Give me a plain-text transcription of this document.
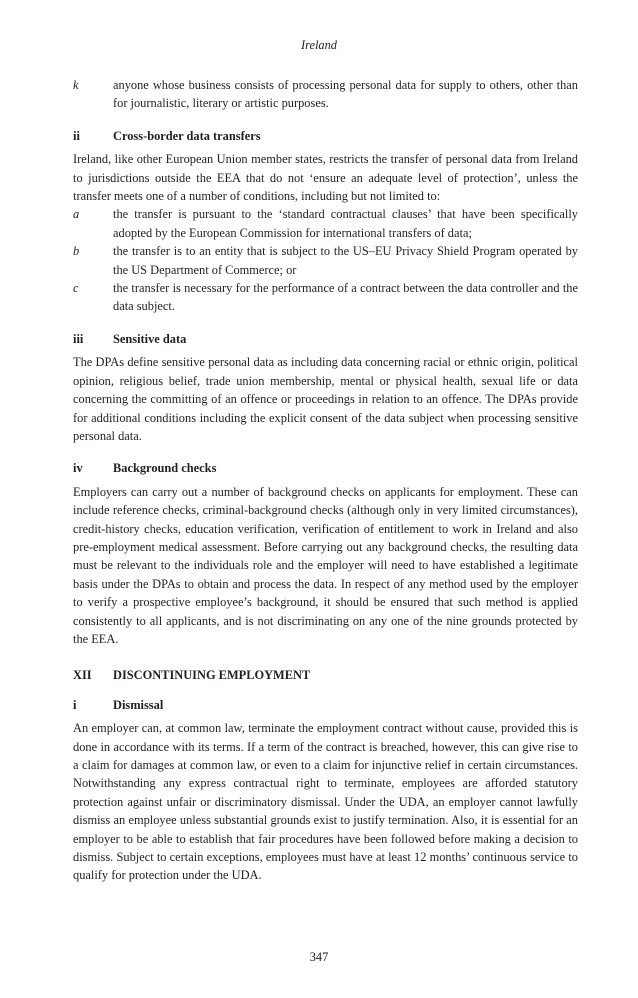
Ireland
k	anyone whose business consists of processing personal data for supply to others, other than for journalistic, literary or artistic purposes.
ii	Cross-border data transfers

Ireland, like other European Union member states, restricts the transfer of personal data from Ireland to jurisdictions outside the EEA that do not ‘ensure an adequate level of protection’, unless the transfer meets one of a number of conditions, including but not limited to:

a	the transfer is pursuant to the ‘standard contractual clauses’ that have been specifically adopted by the European Commission for international transfers of data;
b	the transfer is to an entity that is subject to the US–EU Privacy Shield Program operated by the US Department of Commerce; or
c	the transfer is necessary for the performance of a contract between the data controller and the data subject.
iii	Sensitive data

The DPAs define sensitive personal data as including data concerning racial or ethnic origin, political opinion, religious belief, trade union membership, mental or physical health, sexual life or data concerning the committing of an offence or proceedings in relation to an offence. The DPAs provide for additional conditions including the explicit consent of the data subject when processing sensitive personal data.

iv	Background checks

Employers can carry out a number of background checks on applicants for employment. These can include reference checks, criminal-background checks (although only in very limited circumstances), credit-history checks, education verification, verification of entitlement to work in Ireland and also pre-employment medical assessment. Before carrying out any background checks, the resulting data must be relevant to the individuals role and the employer will need to have established a legitimate basis under the DPAs to obtain and process the data. In respect of any method used by the employer to verify a prospective employee’s background, it should be ensured that such method is applied consistently to all applicants, and is not discriminating on any one of the nine grounds protected by the EEA.

XII	DISCONTINUING EMPLOYMENT
i	Dismissal

An employer can, at common law, terminate the employment contract without cause, provided this is done in accordance with its terms. If a term of the contract is breached, however, this can give rise to a claim for damages at common law, or even to a claim for injunctive relief in certain circumstances. Notwithstanding any express contractual right to terminate, employees are afforded statutory protection against unfair or discriminatory dismissal. Under the UDA, an employer cannot lawfully dismiss an employee unless substantial grounds exist to justify termination. Also, it is essential for an employer to be able to establish that fair procedures have been followed before making a decision to dismiss. Subject to certain exceptions, employees must have at least 12 months’ continuous service to qualify for protection under the UDA.

347
